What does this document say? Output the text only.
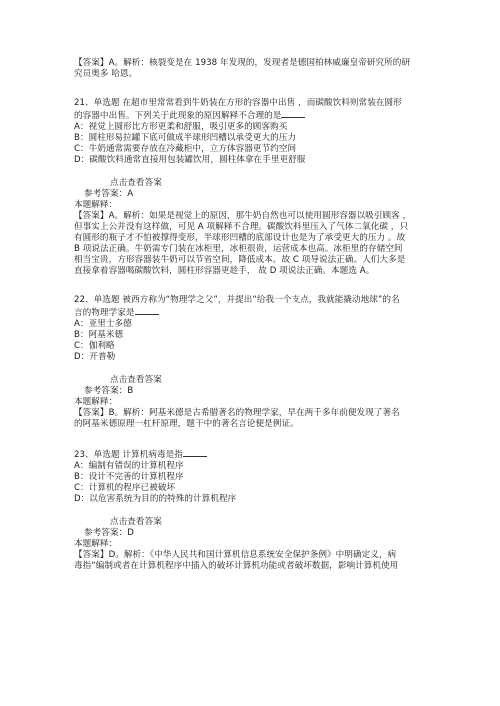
【答案】A。解析：核裂变是在 1938 年发现的，发现者是德国柏林威廉皇帝研究所的研
究员奥多 哈恩。
21、单选题 在超市里常常看到牛奶装在方形的容器中出售 ，而碳酸饮料则常装在圆形
的容器中出售。下列关于此现象的原因解释不合理的是
A：视觉上圆形比方形更柔和舒服，吸引更多的顾客购买
B：圆柱形易拉罐下底可做成半球形凹槽以承受更大的压力
C：牛奶通常需要存放在冷藏柜中，立方体容器更节约空间
D：碳酸饮料通常直接用包装罐饮用，圆柱体拿在手里更舒服
点击查看答案
参考答案：A
本题解释：
【答案】A。解析：如果是视觉上的原因，那牛奶自然也可以使用圆形容器以吸引顾客 ，
但事实上公并没有这样做，可见 A 项解释不合理。碳酸饮料里压入了气体二氧化碳 ，只
有圆形的瓶子才不怕被撑得变形，半球形凹槽的底部设计也是为了承受更大的压力 。故
B 项说法正确。牛奶需专门装在冰柜里，冰柜很贵，运营成本也高。冰柜里的存储空间
相当宝贵，方形容器装牛奶可以节省空间，降低成本。故 C 项导说法正确。人们大多是
直接拿着容器喝碳酸饮料，圆柱形容器更趁手， 故 D 项说法正确。本题选 A。
22、单选题 被西方称为“物理学之父”，并提出“给我一个支点，我就能撬动地球”的名
言的物理学家是
A：亚里士多德
B：阿基米德
C：伽利略
D：开普勒
点击查看答案
参考答案：B
本题解释：
【答案】B。解析：阿基米德是古希腊著名的物理学家，早在两千多年前便发现了著名
的阿基米德原理一杠杆原理，题干中的著名言论便是例证。
23、单选题 计算机病毒是指
A：编制有错误的计算机程序
B：设计不完善的计算机程序
C：计算机的程序已被破坏
D：以危害系统为目的的特殊的计算机程序
点击查看答案
参考答案：D
本题解释：
【答案】D。解析：《中华人民共和国计算机信息系统安全保护条例》中明确定义，病
毒指“编制或者在计算机程序中插入的破坏计算机功能或者破坏数据，影响计算机使用
